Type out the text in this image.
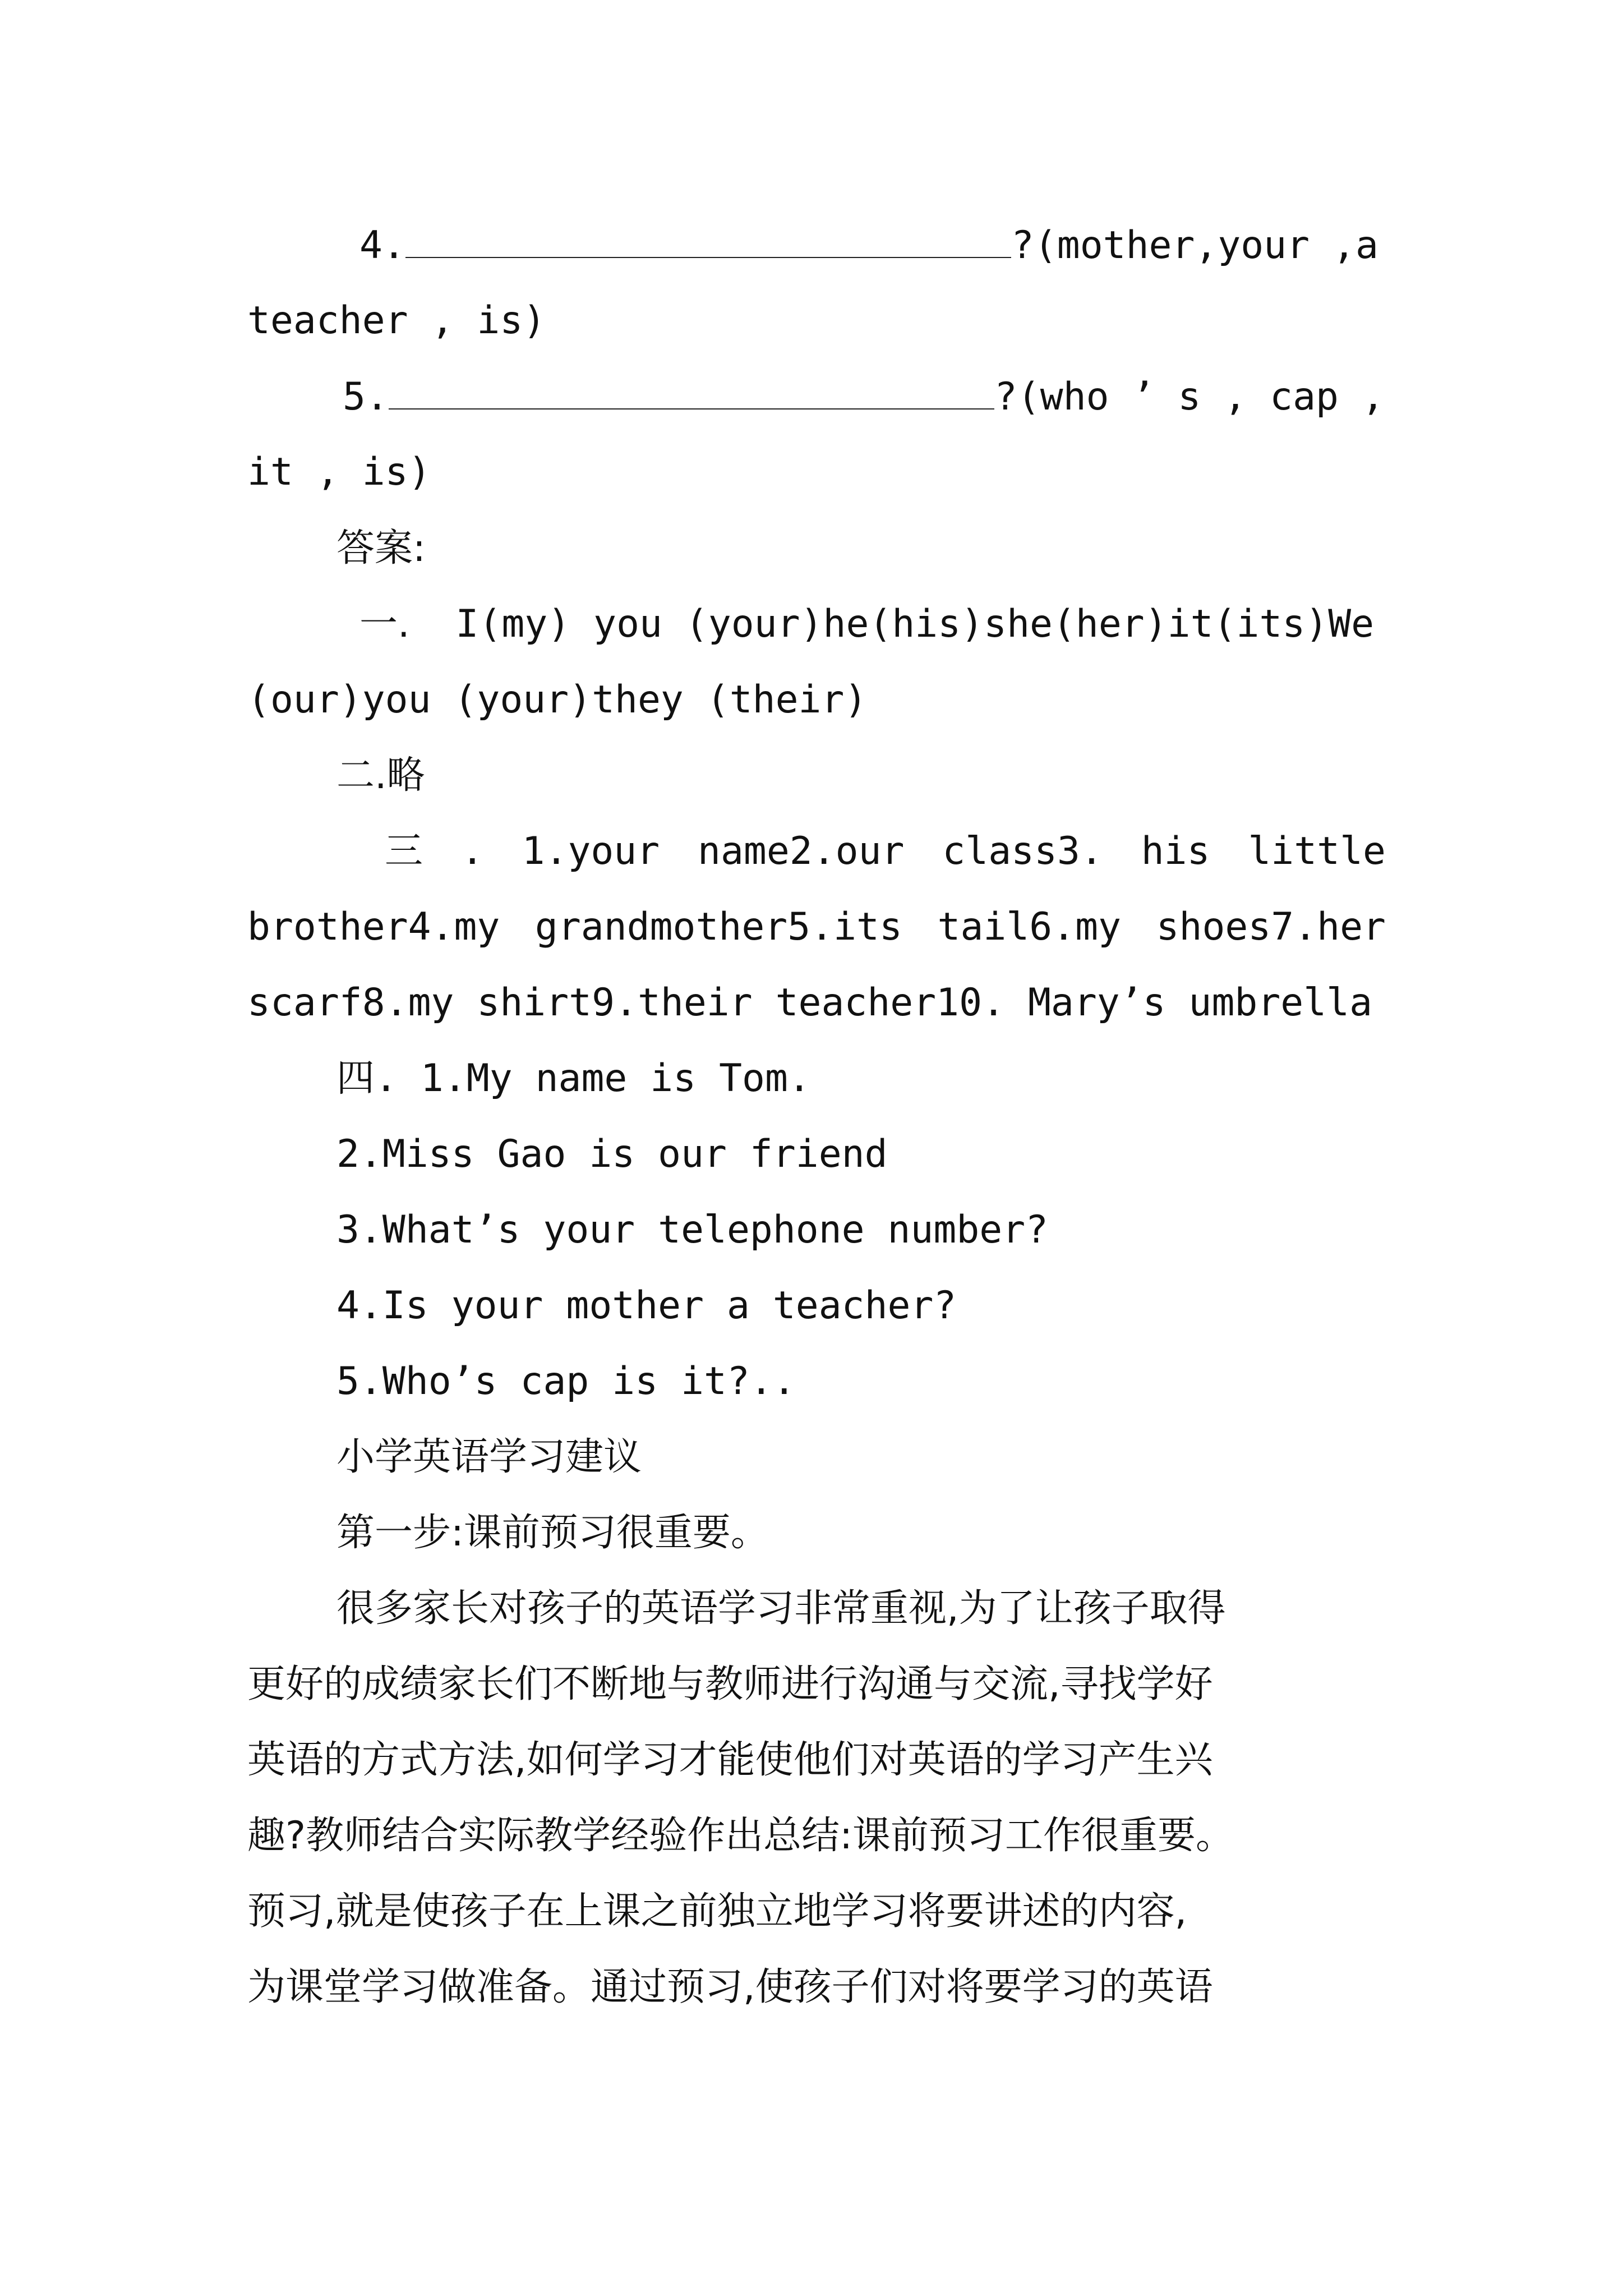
4.	?(mother,your ,a
teacher , is)
5.	?(who ’ s , cap ,
it , is)
答案:
一. I(my) you (your)he(his)she(her)it(its)We
(our)you (your)they (their)
二.略
三 . 1.your name2.our class3. his little
brother4.my grandmother5.its tail6.my shoes7.her
scarf8.my shirt9.their teacher10. Mary’s umbrella
四. 1.My name is Tom.
2.Miss Gao is our friend
3.What’s your telephone number?
4.Is your mother a teacher?
5.Who’s cap is it?..
小学英语学习建议
第一步:课前预习很重要。
很多家长对孩子的英语学习非常重视,为了让孩子取得
更好的成绩家长们不断地与教师进行沟通与交流,寻找学好
英语的方式方法,如何学习才能使他们对英语的学习产生兴
趣?教师结合实际教学经验作出总结:课前预习工作很重要。
预习,就是使孩子在上课之前独立地学习将要讲述的内容,
为课堂学习做准备。通过预习,使孩子们对将要学习的英语
